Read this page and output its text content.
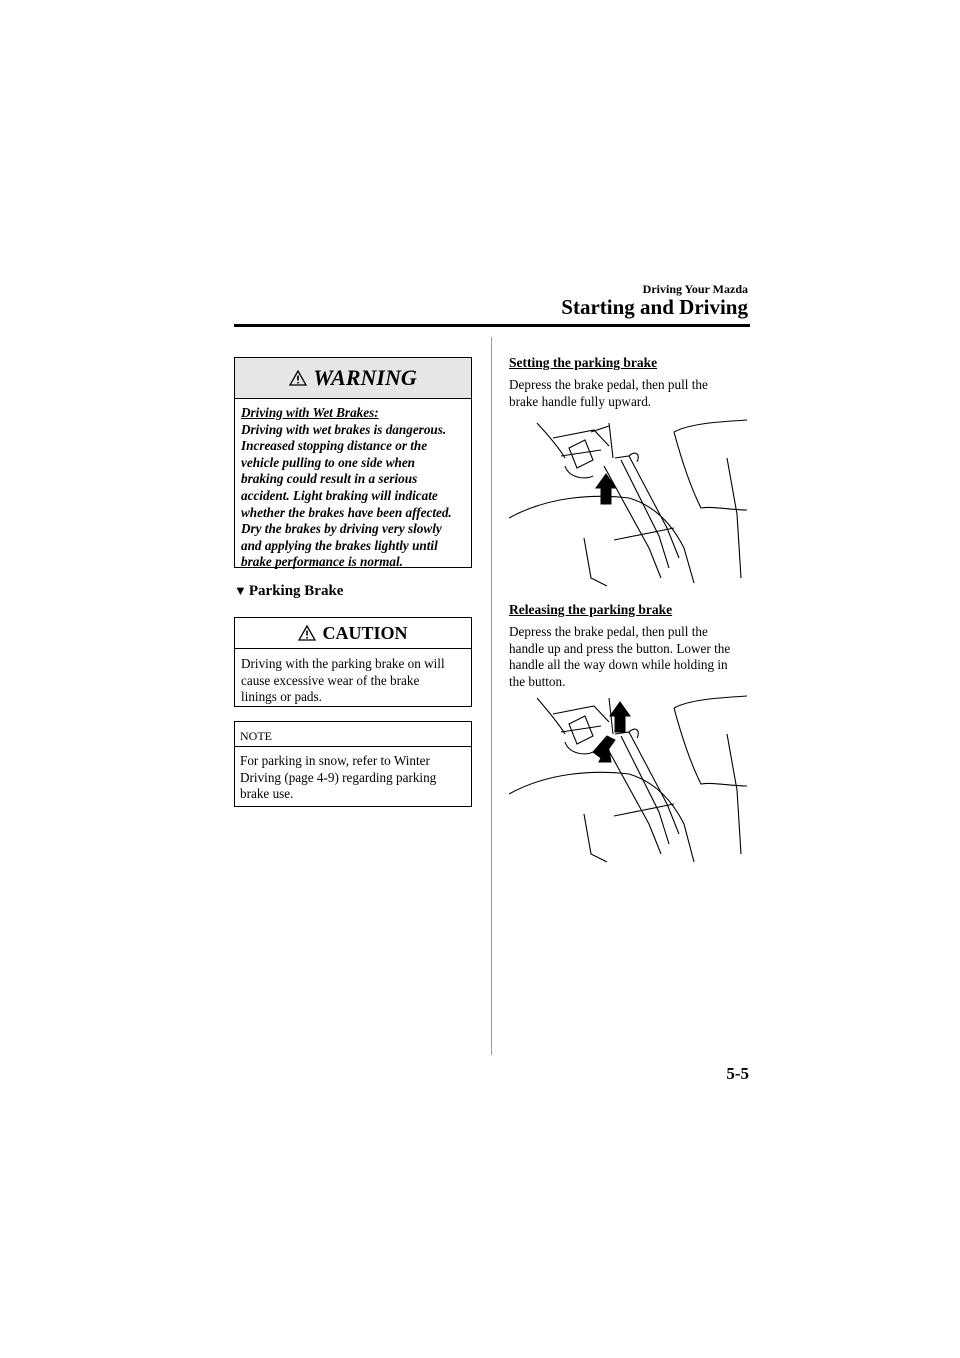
Driving Your Mazda
Starting and Driving
WARNING
Driving with Wet Brakes:
Driving with wet brakes is dangerous.
Increased stopping distance or the
vehicle pulling to one side when
braking could result in a serious
accident. Light braking will indicate
whether the brakes have been affected.
Dry the brakes by driving very slowly
and applying the brakes lightly until
brake performance is normal.
▼ Parking Brake
CAUTION
Driving with the parking brake on will
cause excessive wear of the brake
linings or pads.
NOTE
For parking in snow, refer to Winter
Driving (page 4-9) regarding parking
brake use.
Setting the parking brake
Depress the brake pedal, then pull the
brake handle fully upward.
Releasing the parking brake
Depress the brake pedal, then pull the
handle up and press the button. Lower the
handle all the way down while holding in
the button.
5-5
